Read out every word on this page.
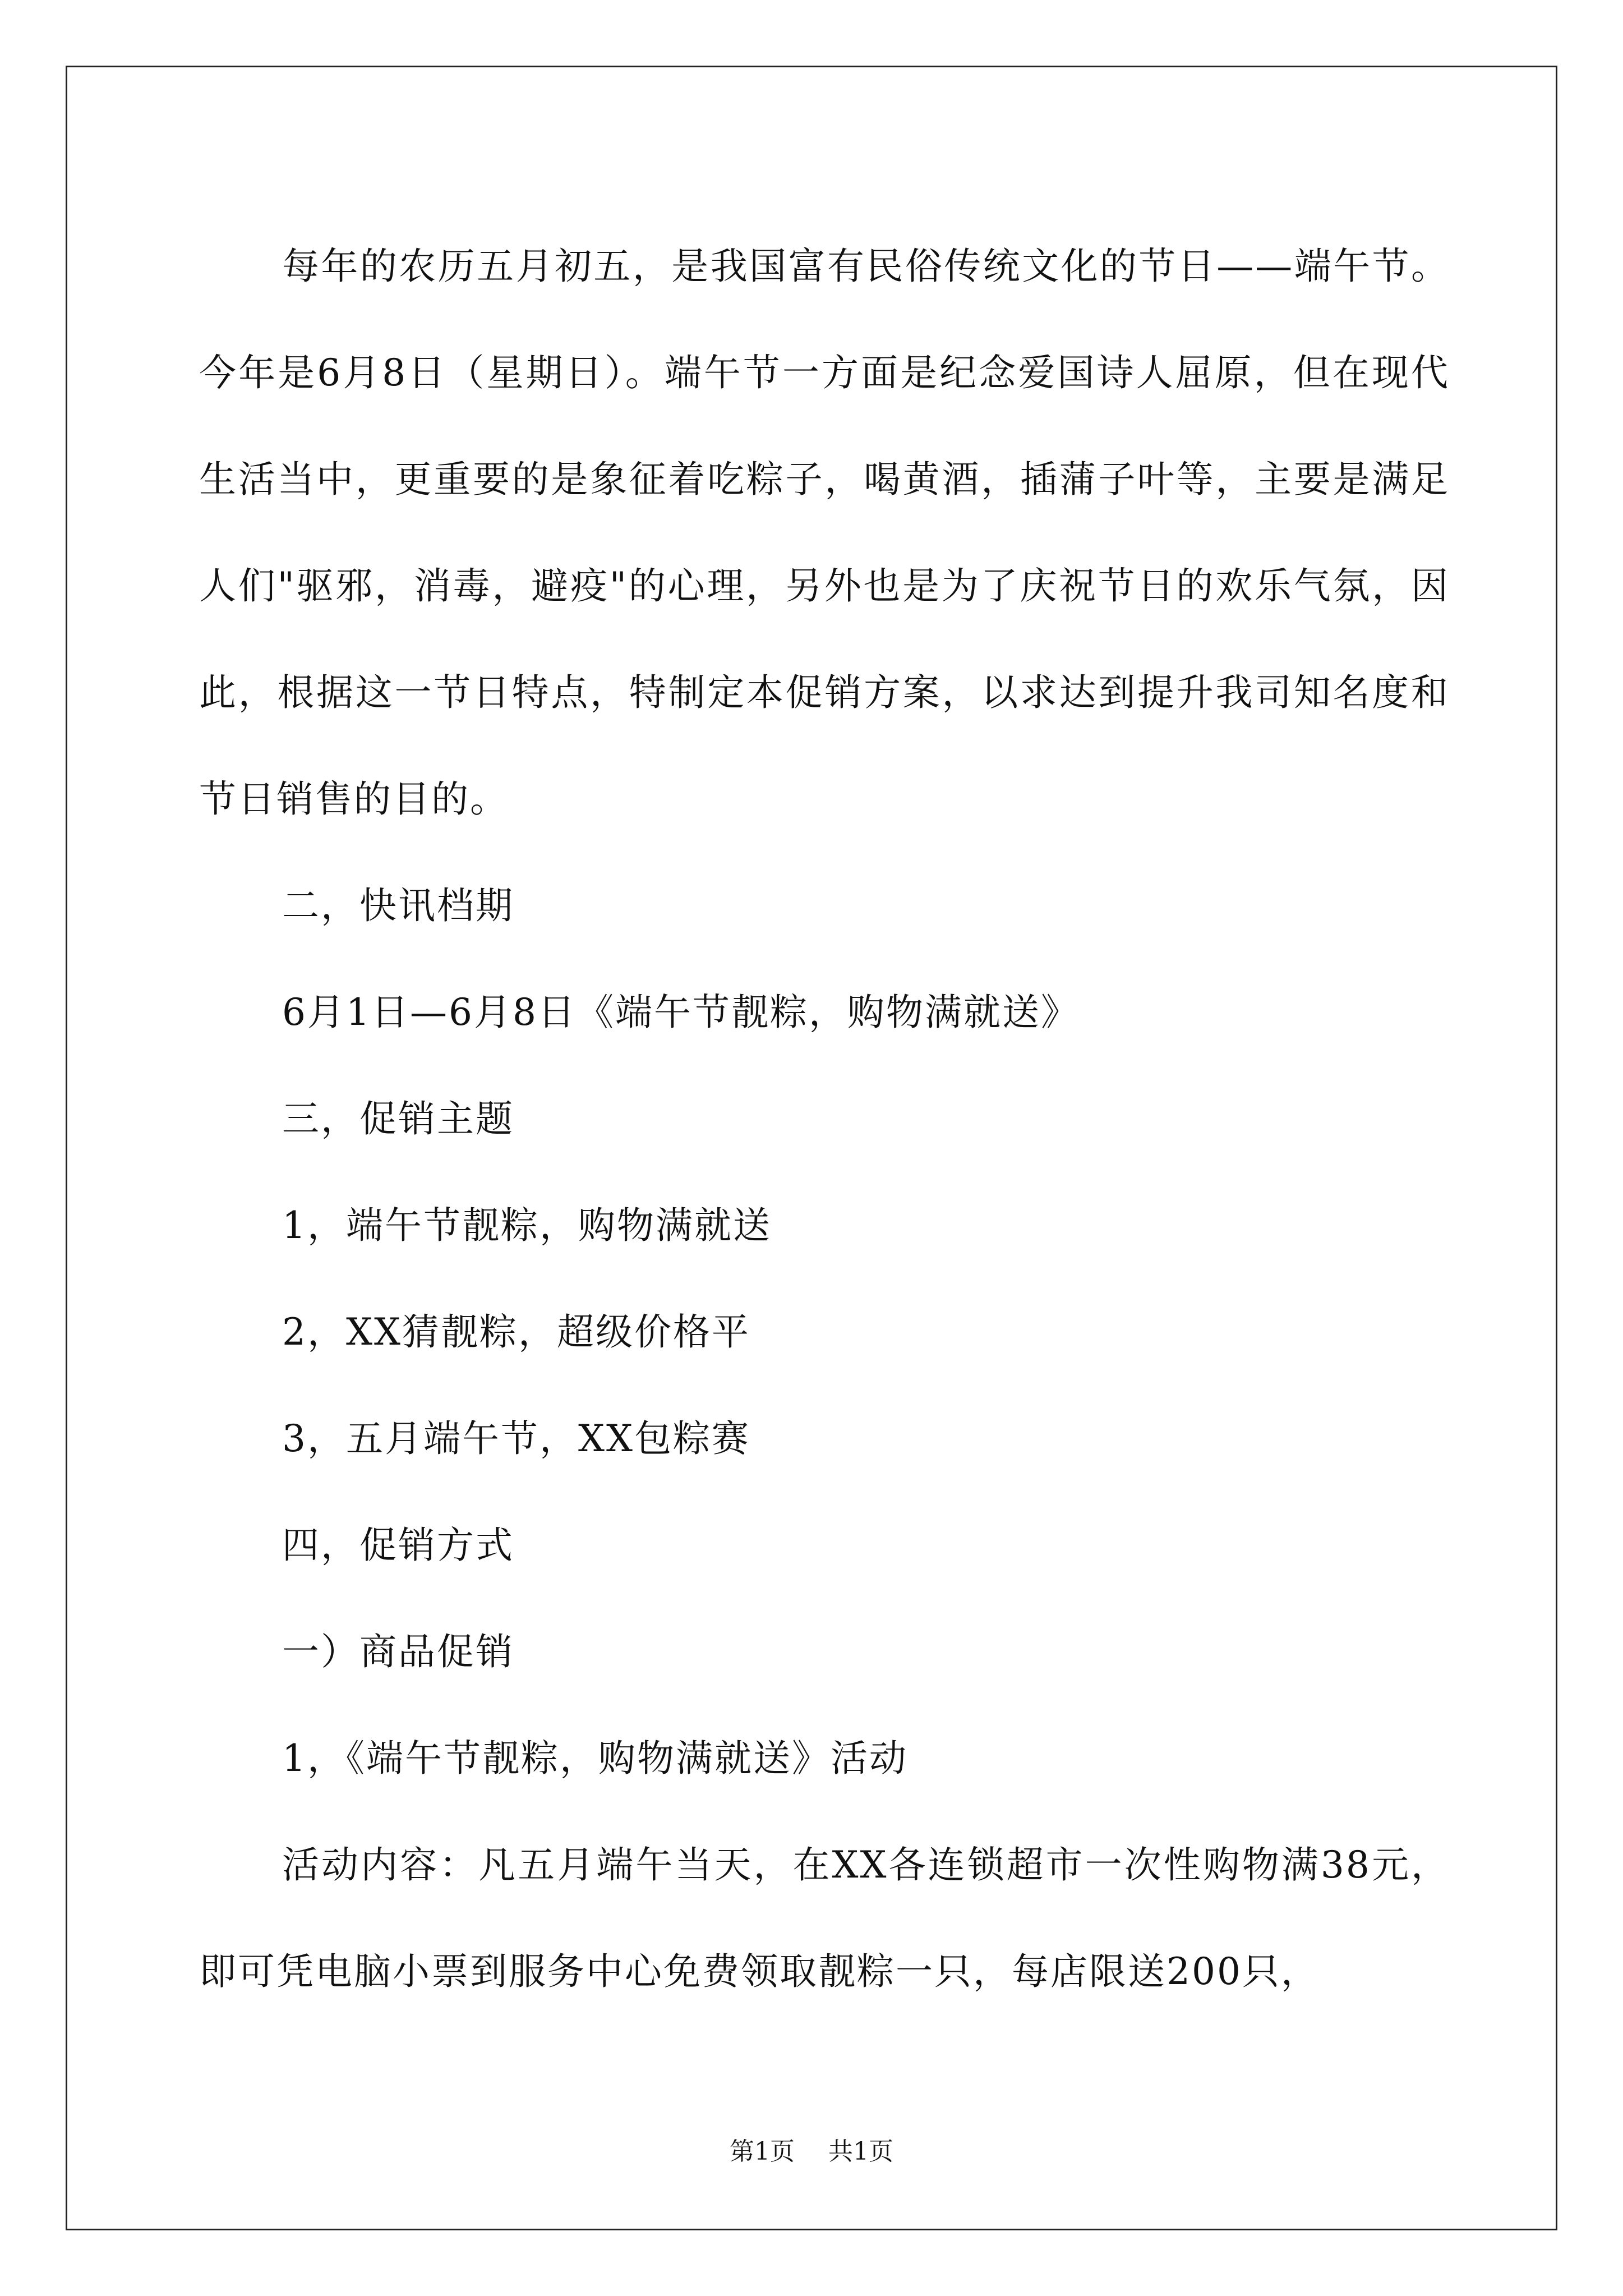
每年的农历五月初五，是我国富有民俗传统文化的节日——端午节。今年是6月8日（星期日）。端午节一方面是纪念爱国诗人屈原，但在现代生活当中，更重要的是象征着吃粽子，喝黄酒，插蒲子叶等，主要是满足人们"驱邪，消毒，避疫"的心理，另外也是为了庆祝节日的欢乐气氛，因此，根据这一节日特点，特制定本促销方案，以求达到提升我司知名度和节日销售的目的。

二，快讯档期

6月1日—6月8日《端午节靓粽，购物满就送》

三，促销主题

1，端午节靓粽，购物满就送

2，XX猜靓粽，超级价格平

3，五月端午节，XX包粽赛

四，促销方式

一）商品促销

1，《端午节靓粽，购物满就送》活动

活动内容：凡五月端午当天，在XX各连锁超市一次性购物满38元，即可凭电脑小票到服务中心免费领取靓粽一只，每店限送200只，

第1页 共1页
